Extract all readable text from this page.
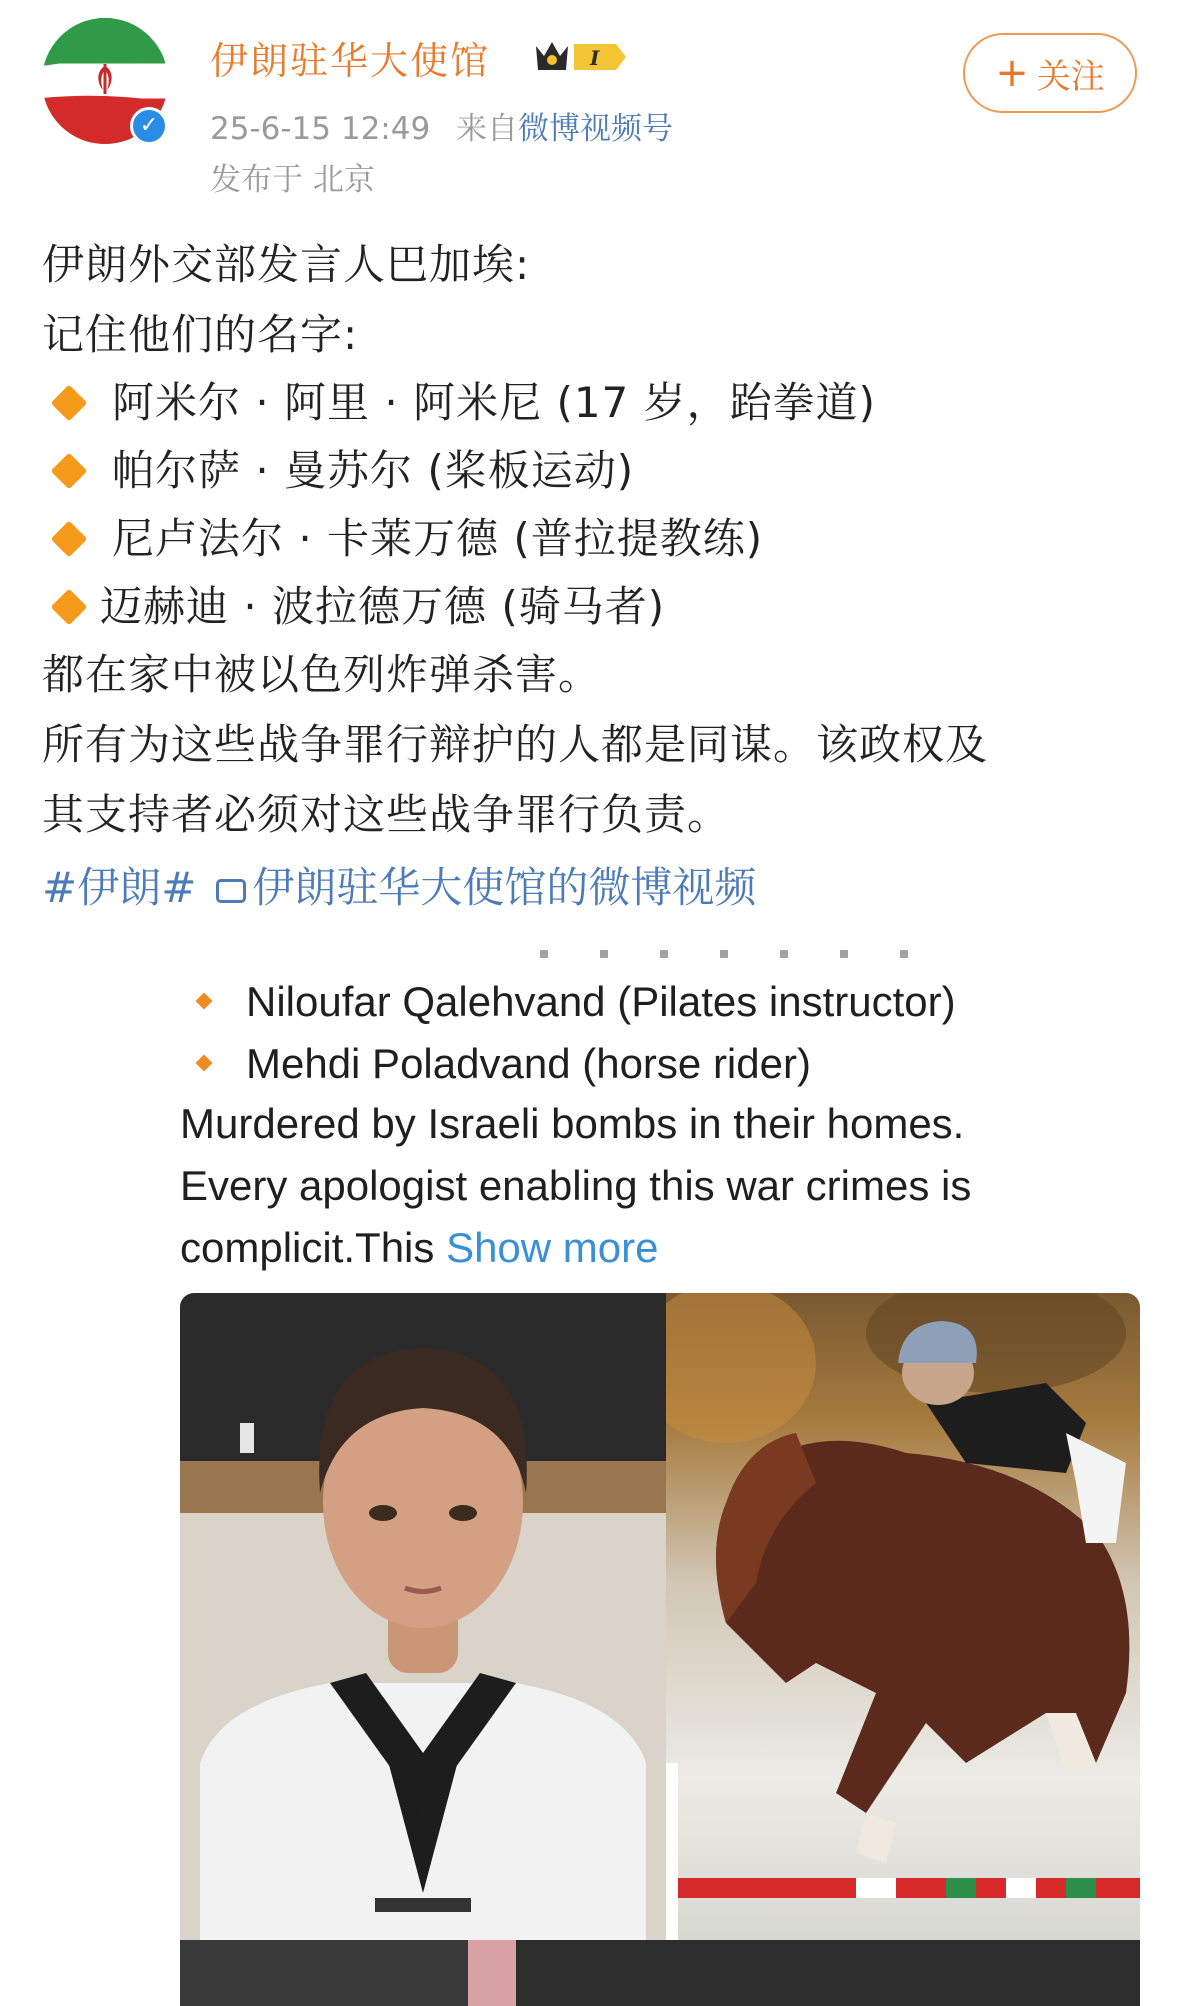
✓
伊朗驻华大使馆	I
25-6-15 12:49 来自微博视频号
发布于 北京
+ 关注
伊朗外交部发言人巴加埃:
记住他们的名字:
阿米尔 · 阿里 · 阿米尼 (17 岁，跆拳道)
帕尔萨 · 曼苏尔 (桨板运动)
尼卢法尔 · 卡莱万德 (普拉提教练)
迈赫迪 · 波拉德万德 (骑马者)
都在家中被以色列炸弹杀害。
所有为这些战争罪行辩护的人都是同谋。该政权及
其支持者必须对这些战争罪行负责。
#伊朗# 伊朗驻华大使馆的微博视频
Niloufar Qalehvand (Pilates instructor)
Mehdi Poladvand (horse rider)
Murdered by Israeli bombs in their homes.
Every apologist enabling this war crimes is
complicit.This Show more
